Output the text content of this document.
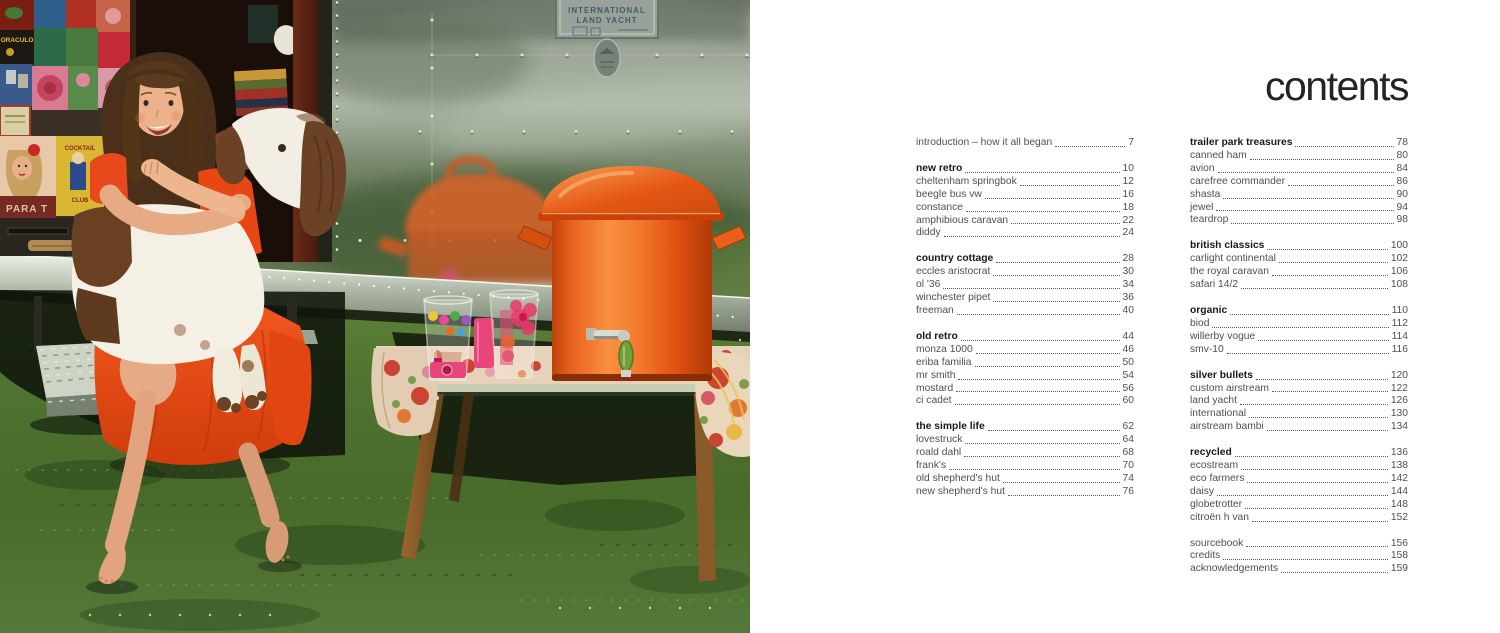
INTERNATIONAL
LAND YACHT
ORACULO
PARA T
COCKTAIL
CLUB
contents
introduction – how it all began	7
new retro	10
cheltenham springbok	12
beegle bus vw	16
constance	18
amphibious caravan	22
diddy	24
country cottage	28
eccles aristocrat	30
ol '36	34
winchester pipet	36
freeman	40
old retro	44
monza 1000	46
eriba familia	50
mr smith	54
mostard	56
ci cadet	60
the simple life	62
lovestruck	64
roald dahl	68
frank's	70
old shepherd's hut	74
new shepherd's hut	76
trailer park treasures	78
canned ham	80
avion	84
carefree commander	86
shasta	90
jewel	94
teardrop	98
british classics	100
carlight continental	102
the royal caravan	106
safari 14/2	108
organic	110
biod	112
willerby vogue	114
smv-10	116
silver bullets	120
custom airstream	122
land yacht	126
international	130
airstream bambi	134
recycled	136
ecostream	138
eco farmers	142
daisy	144
globetrotter	148
citroën h van	152
sourcebook	156
credits	158
acknowledgements	159
